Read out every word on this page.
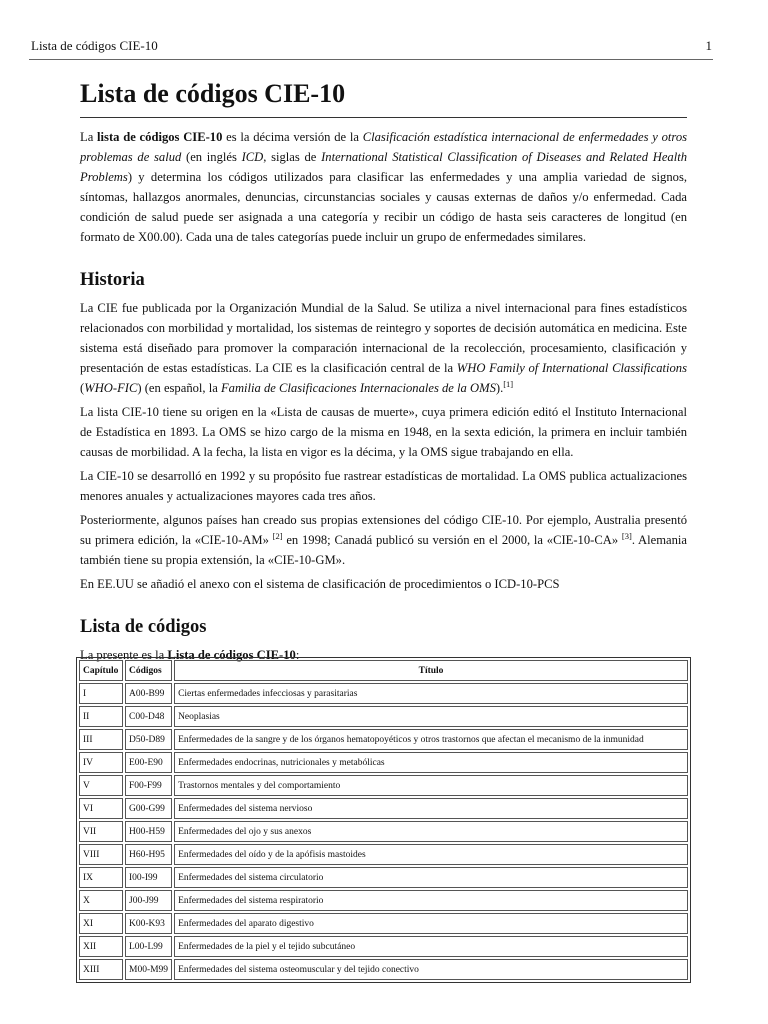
Lista de códigos CIE-10	1
Lista de códigos CIE-10

La lista de códigos CIE-10 es la décima versión de la Clasificación estadística internacional de enfermedades y otros problemas de salud (en inglés ICD, siglas de International Statistical Classification of Diseases and Related Health Problems) y determina los códigos utilizados para clasificar las enfermedades y una amplia variedad de signos, síntomas, hallazgos anormales, denuncias, circunstancias sociales y causas externas de daños y/o enfermedad. Cada condición de salud puede ser asignada a una categoría y recibir un código de hasta seis caracteres de longitud (en formato de X00.00). Cada una de tales categorías puede incluir un grupo de enfermedades similares.

Historia

La CIE fue publicada por la Organización Mundial de la Salud. Se utiliza a nivel internacional para fines estadísticos relacionados con morbilidad y mortalidad, los sistemas de reintegro y soportes de decisión automática en medicina. Este sistema está diseñado para promover la comparación internacional de la recolección, procesamiento, clasificación y presentación de estas estadísticas. La CIE es la clasificación central de la WHO Family of International Classifications (WHO-FIC) (en español, la Familia de Clasificaciones Internacionales de la OMS).[1]

La lista CIE-10 tiene su origen en la «Lista de causas de muerte», cuya primera edición editó el Instituto Internacional de Estadística en 1893. La OMS se hizo cargo de la misma en 1948, en la sexta edición, la primera en incluir también causas de morbilidad. A la fecha, la lista en vigor es la décima, y la OMS sigue trabajando en ella.

La CIE-10 se desarrolló en 1992 y su propósito fue rastrear estadísticas de mortalidad. La OMS publica actualizaciones menores anuales y actualizaciones mayores cada tres años.

Posteriormente, algunos países han creado sus propias extensiones del código CIE-10. Por ejemplo, Australia presentó su primera edición, la «CIE-10-AM» [2] en 1998; Canadá publicó su versión en el 2000, la «CIE-10-CA» [3]. Alemania también tiene su propia extensión, la «CIE-10-GM».

En EE.UU se añadió el anexo con el sistema de clasificación de procedimientos o ICD-10-PCS

Lista de códigos

La presente es la Lista de códigos CIE-10:

Capítulo	Códigos	Título
I	A00-B99	Ciertas enfermedades infecciosas y parasitarias
II	C00-D48	Neoplasias
III	D50-D89	Enfermedades de la sangre y de los órganos hematopoyéticos y otros trastornos que afectan el mecanismo de la inmunidad
IV	E00-E90	Enfermedades endocrinas, nutricionales y metabólicas
V	F00-F99	Trastornos mentales y del comportamiento
VI	G00-G99	Enfermedades del sistema nervioso
VII	H00-H59	Enfermedades del ojo y sus anexos
VIII	H60-H95	Enfermedades del oído y de la apófisis mastoides
IX	I00-I99	Enfermedades del sistema circulatorio
X	J00-J99	Enfermedades del sistema respiratorio
XI	K00-K93	Enfermedades del aparato digestivo
XII	L00-L99	Enfermedades de la piel y el tejido subcutáneo
XIII	M00-M99	Enfermedades del sistema osteomuscular y del tejido conectivo
